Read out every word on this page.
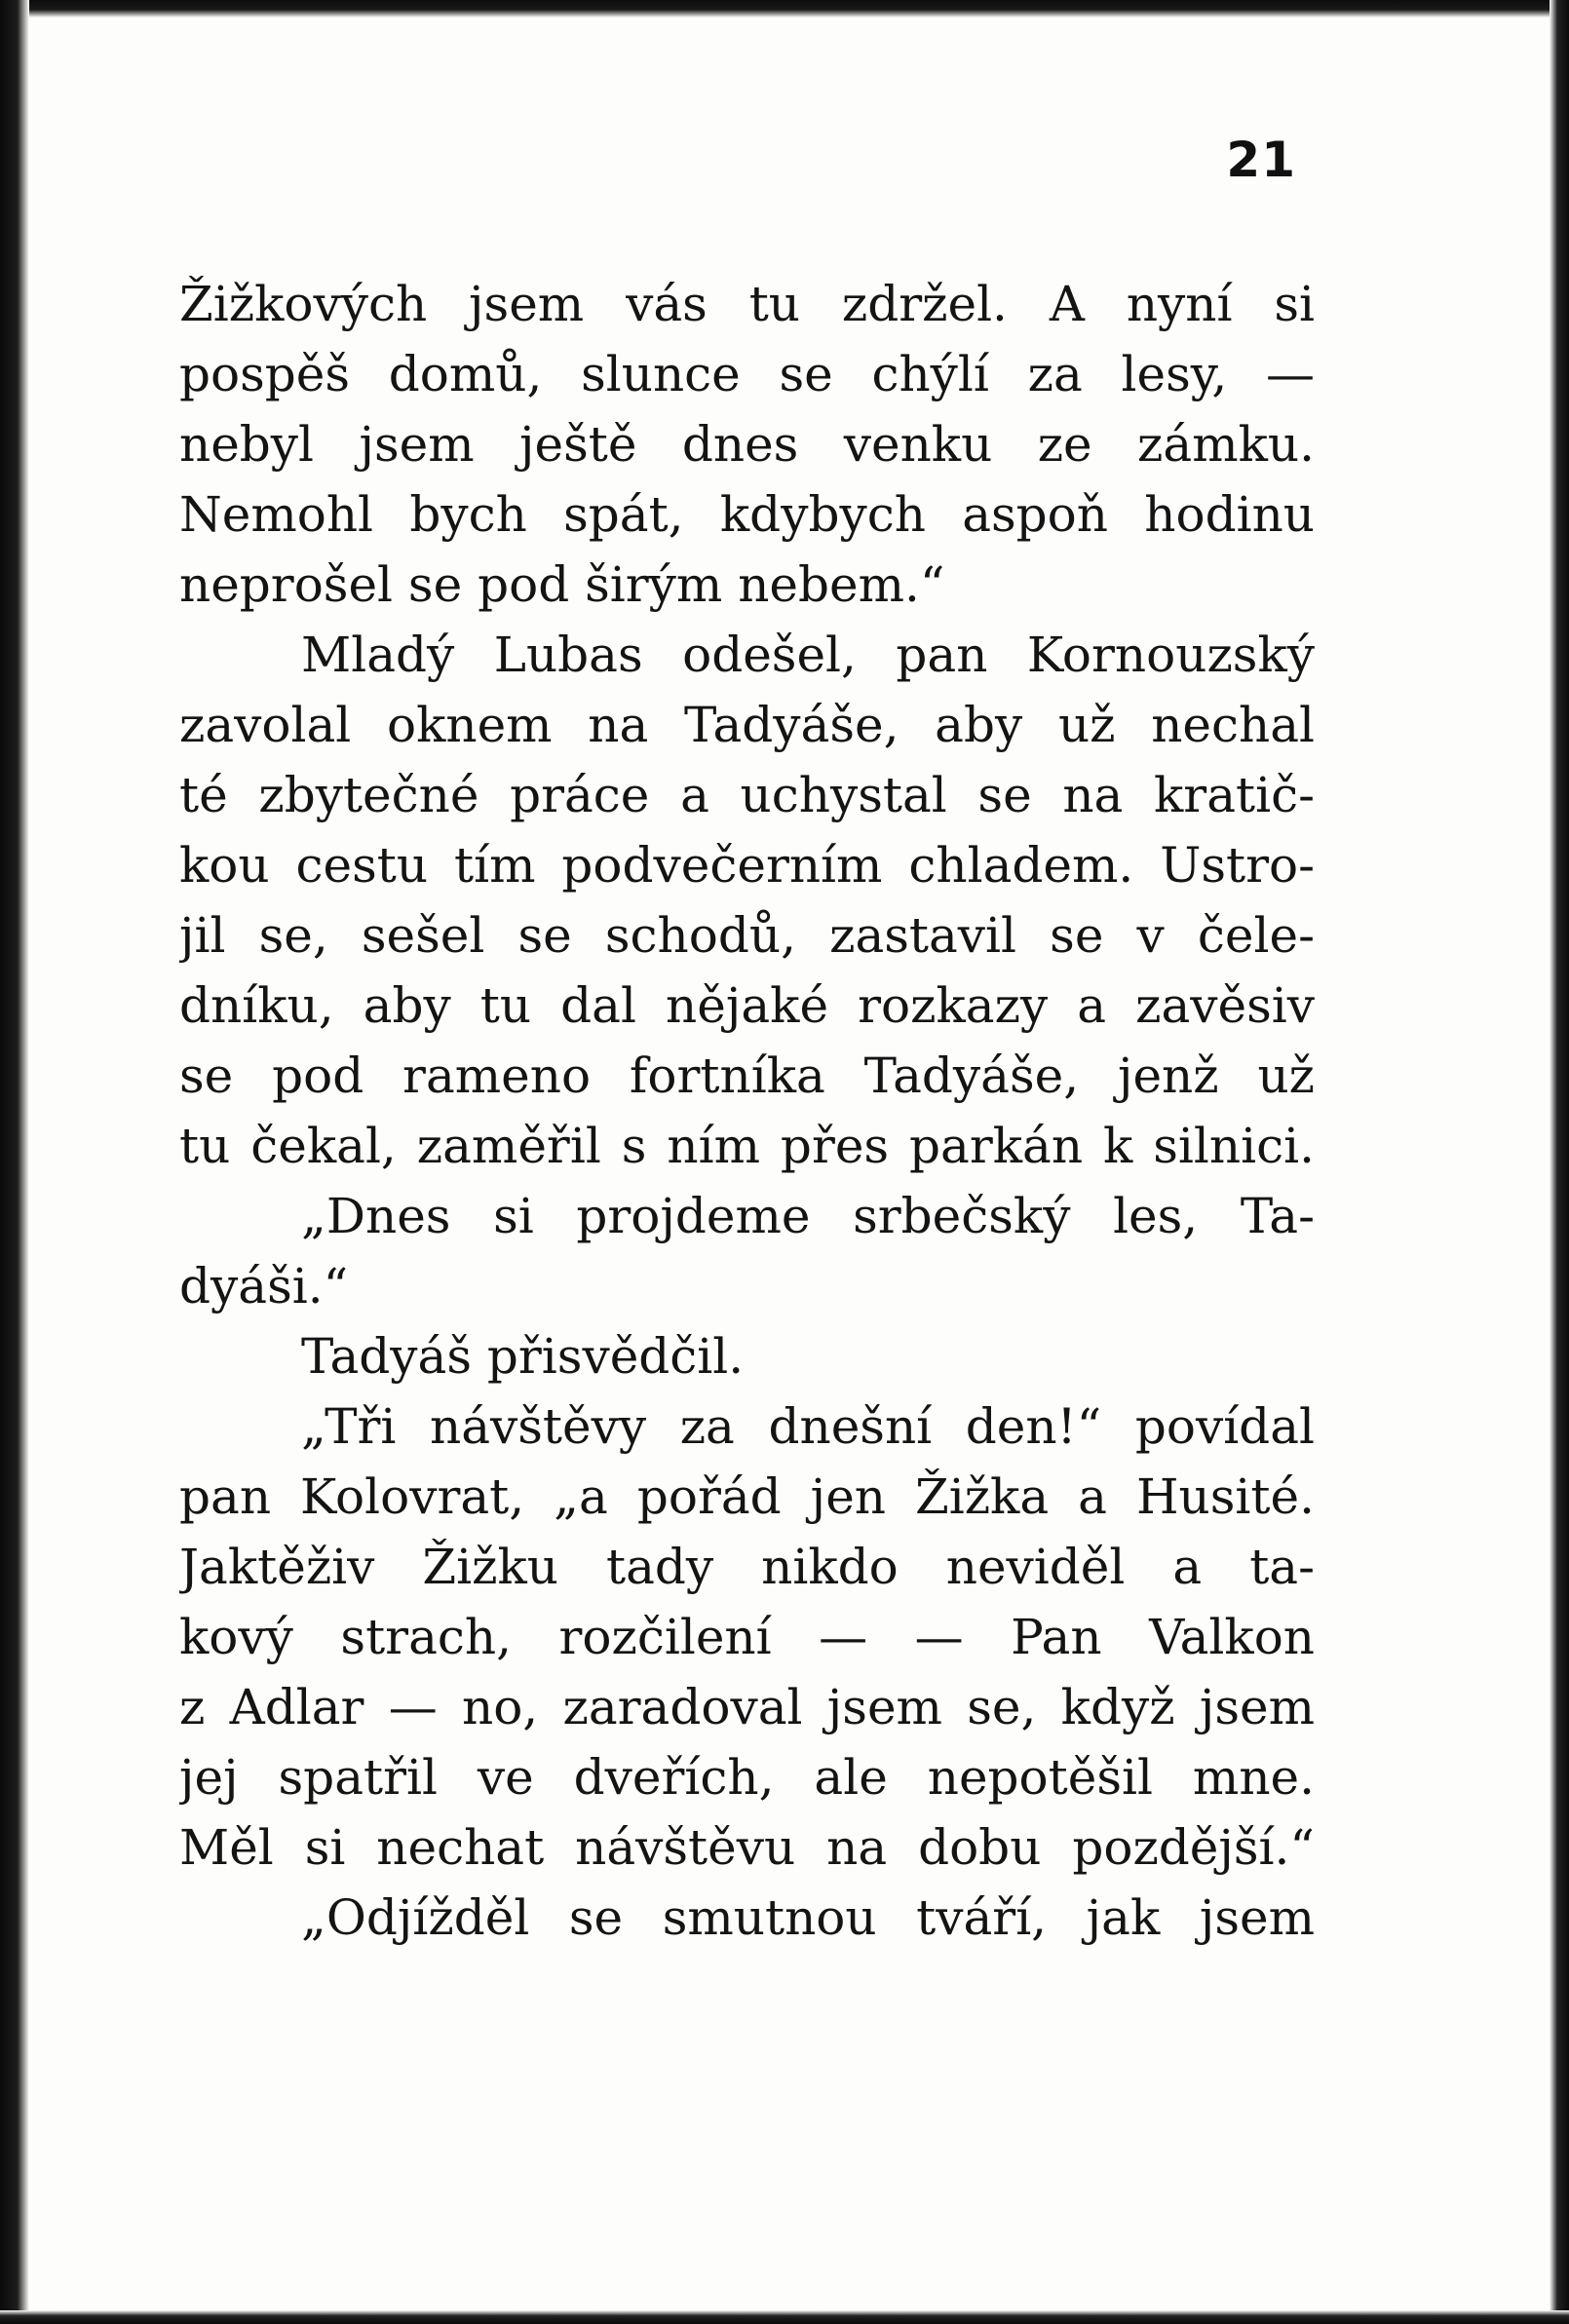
21
Žižkových jsem vás tu zdržel. A nyní si
pospěš domů, slunce se chýlí za lesy, —
nebyl jsem ještě dnes venku ze zámku.
Nemohl bych spát, kdybych aspoň hodinu
neprošel se pod širým nebem.“
Mladý Lubas odešel, pan Kornouzský
zavolal oknem na Tadyáše, aby už nechal
té zbytečné práce a uchystal se na kratič-
kou cestu tím podvečerním chladem. Ustro-
jil se, sešel se schodů, zastavil se v čele-
dníku, aby tu dal nějaké rozkazy a zavěsiv
se pod rameno fortníka Tadyáše, jenž už
tu čekal, zaměřil s ním přes parkán k silnici.
„Dnes si projdeme srbečský les, Ta-
dyáši.“
Tadyáš přisvědčil.
„Tři návštěvy za dnešní den!“ povídal
pan Kolovrat, „a pořád jen Žižka a Husité.
Jaktěživ Žižku tady nikdo neviděl a ta-
kový strach, rozčilení — — Pan Valkon
z Adlar — no, zaradoval jsem se, když jsem
jej spatřil ve dveřích, ale nepotěšil mne.
Měl si nechat návštěvu na dobu pozdější.“
„Odjížděl se smutnou tváří, jak jsem
